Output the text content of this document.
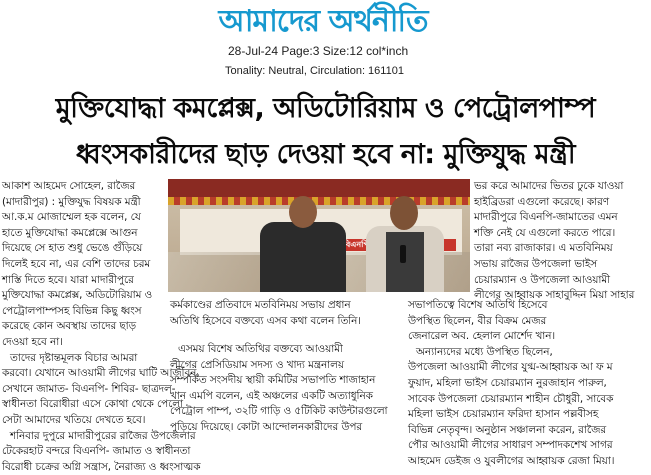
আমাদের অর্থনীতি
28-Jul-24 Page:3 Size:12 col*inch
Tonality: Neutral, Circulation: 161101
মুক্তিযোদ্ধা কমপ্লেক্স, অডিটোরিয়াম ও পেট্রোলপাম্প
ধ্বংসকারীদের ছাড় দেওয়া হবে না: মুক্তিযুদ্ধ মন্ত্রী

আকাশ আহমেদ সোহেল, রাজৈর

(মাদারীপুর) : মুক্তিযুদ্ধ বিষয়ক মন্ত্রী

আ.ক.ম মোজাম্মেল হক বলেন, যে

হাতে মুক্তিযোদ্ধা কমপ্লেক্সে আগুন

দিয়েছে সে হাত শুধু ভেঙে গুঁড়িয়ে

দিলেই হবে না, এর বেশি তাদের চরম

শাস্তি দিতে হবে। যারা মাদারীপুরে

মুক্তিযোদ্ধা কমপ্লেক্স, অডিটোরিয়াম ও

পেট্রোলপাম্পসহ বিভিন্ন কিছু ধ্বংস

করেছে কোন অবস্থায় তাদের ছাড়

দেওয়া হবে না।

তাদের দৃষ্টান্তমূলক বিচার আমরা

করবো। যেখানে আওয়ামী লীগের ঘাটি আজীবন,

সেখানে জামাত- বিএনপি- শিবির- ছাত্রদল-

স্বাধীনতা বিরোধীরা এসে কোথা থেকে পেলো

সেটা আমাদের খতিয়ে দেখতে হবে।

শনিবার দুপুরে মাদারীপুরের রাজৈর উপজেলার

টেকেরহাট বন্দরে বিএনপি- জামাত ও স্বাধীনতা

বিরোধী চক্রের অগ্নি সন্ত্রাস, নৈরাজ্য ও ধ্বংসাত্মক

ভর করে আমাদের ভিতর ঢুকে যাওয়া

হাইব্রিডরা এগুলো করেছে। কারণ

মাদারীপুরে বিএনপি-জামাতের এমন

শক্তি নেই যে এগুলো করতে পারে।

তারা নব্য রাজাকার। এ মতবিনিময়

সভায় রাজৈর উপজেলা ভাইস

চেয়ারম্যান ও উপজেলা আওয়ামী

লীগের আহ্বায়ক সাহাবুদ্দিন মিয়া সাহার

কর্মকাণ্ডের প্রতিবাদে মতবিনিময় সভায় প্রধান

অতিথি হিসেবে বক্তব্যে এসব কথা বলেন তিনি।

এসময় বিশেষ অতিথির বক্তব্যে আওয়ামী

লীগের প্রেসিডিয়াম সদস্য ও খাদ্য মন্ত্রনালয়

সম্পর্কিত সংসদীয় স্থায়ী কমিটির সভাপতি শাজাহান

খান এমপি বলেন, এই অঞ্চলের একটি অত্যাধুনিক

পেট্রোল পাম্প, ৩২টি গাড়ি ও ৫টিকিট কাউন্টারগুলো

পুড়িয়ে দিয়েছে। কোটা আন্দোলনকারীদের উপর

সভাপতিত্বে বিশেষ অতিথি হিসেবে

উপস্থিত ছিলেন, বীর বিক্রম মেজর

জেনারেল অব. হেলাল মোর্শেদ খান।

অন্যান্যদের মধ্যে উপস্থিত ছিলেন,

উপজেলা আওয়ামী লীগের যুগ্ম-আহ্বায়ক আ ফ ম

ফুয়াদ, মহিলা ভাইস চেয়ারম্যান নুরজাহান পারুল,

সাবেক উপজেলা চেয়ারম্যান শাহীন চৌধুরী, সাবেক

মহিলা ভাইস চেয়ারম্যান ফরিদা হাসান পল্লবীসহ

বিভিন্ন নেতৃবৃন্দ। অনুষ্ঠান সঞ্চালনা করেন, রাজৈর

পৌর আওয়ামী লীগের সাধারণ সম্পাদকশেখ সাগর

আহমেদ ডেইজ ও যুবলীগের আহ্বায়ক রেজা মিয়া।
